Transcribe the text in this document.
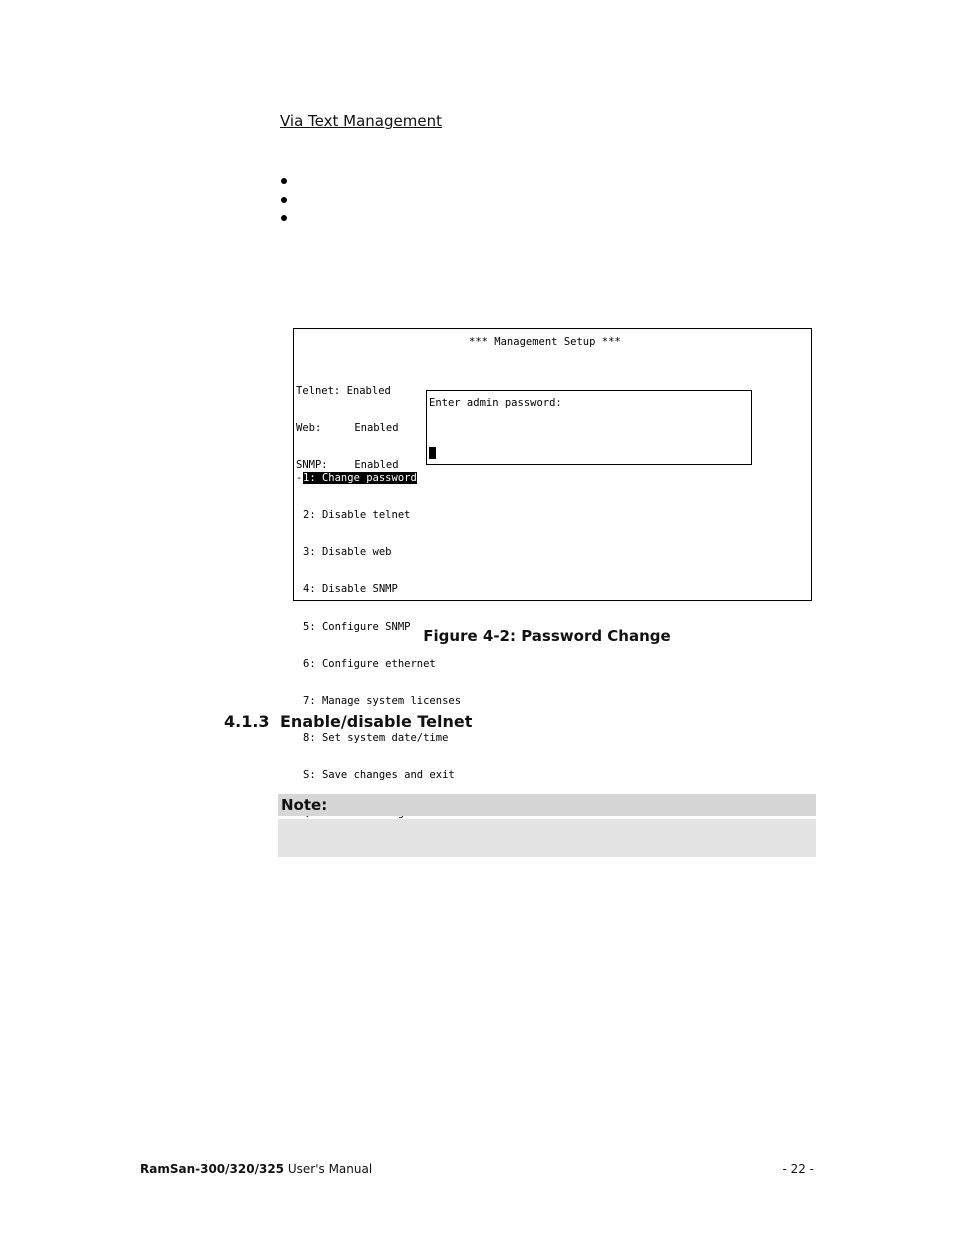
Via Text Management
*** Management Setup ***

Telnet: Enabled

Web:	Enabled

SNMP:	Enabled

-1: Change password

2: Disable telnet

3: Disable web

4: Disable SNMP

5: Configure SNMP

6: Configure ethernet

7: Manage system licenses

8: Set system date/time

S: Save changes and exit

Enter admin password:
Figure 4-2: Password Change
4.1.3 Enable/disable Telnet
Note:
RamSan-300/320/325 User's Manual	- 22 -
